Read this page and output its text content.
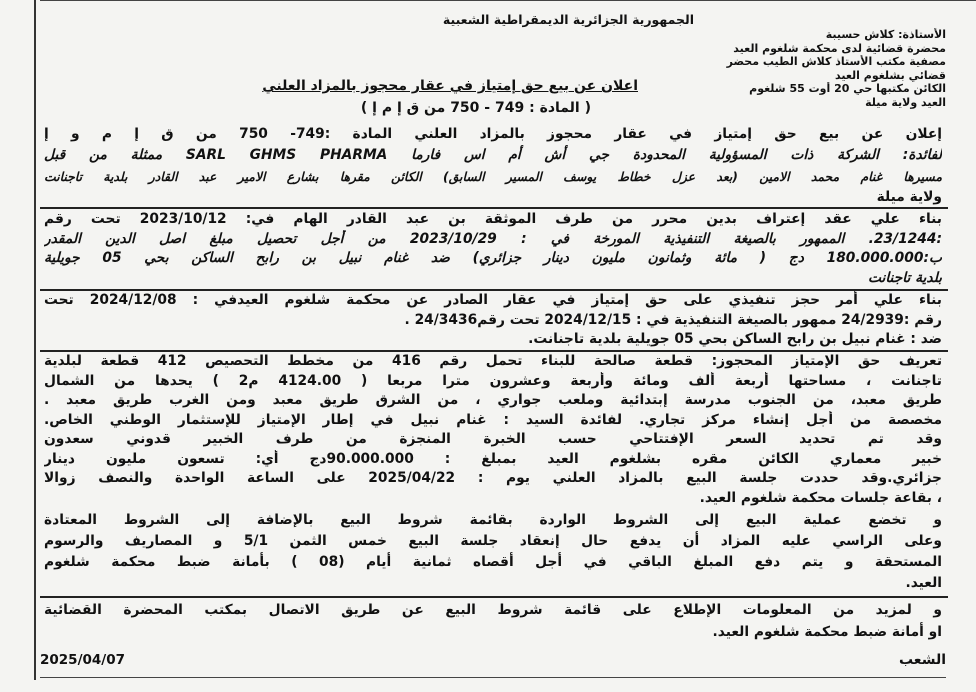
الجمهورية الجزائرية الديمقراطية الشعبية
الأستاذة: كلاش حسيبة
محضرة قضائية لدى محكمة شلغوم العيد
مصفية مكتب الأستاذ كلاش الطيب محضر
قضائي بشلغوم العيد
الكائن مكتبها حي 20 أوت 55 شلغوم
العيد ولاية ميلة
اعلان عن بيع حق إمتياز في عقار محجوز بالمزاد العلني
( المادة : 749 - 750 من ق إ م إ )

إعلان عن بيع حق إمتياز في عقار محجوز بالمزاد العلني المادة :749- 750 من ق إ م و إ

لفائدة: الشركة ذات المسؤولية المحدودة جي أش أم اس فارما SARL GHMS PHARMA ممثلة من قبل

مسيرها غنام محمد الامين (بعد عزل خطاط يوسف المسير السابق) الكائن مقرها بشارع الامير عبد القادر بلدية تاجنانت

ولاية ميلة

بناء علي عقد إعتراف بدين محرر من طرف الموثقة بن عبد القادر الهام في: 2023/10/12 تحت رقم

:23/1244. الممهور بالصيغة التنفيذية المورخة في : 2023/10/29 من أجل تحصيل مبلغ اصل الدين المقدر

ب:180.000.000 دج ( مائة وثمانون مليون دينار جزائري) ضد غنام نبيل بن رابح الساكن بحي 05 جويلية

بلدية تاجنانت

بناء علي أمر حجز تنفيذي على حق إمتياز في عقار الصادر عن محكمة شلغوم العيدفي : 2024/12/08 تحت

رقم :24/2939 ممهور بالصيغة التنفيذية في : 2024/12/15 تحت رقم24/3436 .

ضد : غنام نبيل بن رابح الساكن بحي 05 جويلية بلدية تاجنانت.

تعريف حق الإمتياز المحجوز: قطعة صالحة للبناء تحمل رقم 416 من مخطط التحصيص 412 قطعة لبلدية

تاجنانت ، مساحتها أربعة ألف ومائة وأربعة وعشرون مترا مربعا ( 4124.00 م2 ) يحدها من الشمال

طريق معبد، من الجنوب مدرسة إبتدائية وملعب جواري ، من الشرق طريق معبد ومن الغرب طريق معبد .

مخصصة من أجل إنشاء مركز تجاري. لفائدة السيد : غنام نبيل في إطار الإمتياز للإستثمار الوطني الخاص.

وقد تم تحديد السعر الإفتتاحي حسب الخبرة المنجزة من طرف الخبير قدوني سعدون

خبير معماري الكائن مقره بشلغوم العيد بمبلغ : 90.000.000دج أي: تسعون مليون دينار

جزائري.وقد حددت جلسة البيع بالمزاد العلني يوم : 2025/04/22 على الساعة الواحدة والنصف زوالا

، بقاعة جلسات محكمة شلغوم العيد.

و تخضع عملية البيع إلى الشروط الواردة بقائمة شروط البيع بالإضافة إلى الشروط المعتادة

وعلى الراسي عليه المزاد أن يدفع حال إنعقاد جلسة البيع خمس الثمن 5/1 و المصاريف والرسوم

المستحقة و يتم دفع المبلغ الباقي في أجل أقصاه ثمانية أيام (08 ) بأمانة ضبط محكمة شلغوم

العيد.

و لمزيد من المعلومات الإطلاع على قائمة شروط البيع عن طريق الاتصال بمكتب المحضرة القضائية

او أمانة ضبط محكمة شلغوم العيد.

الشعب
2025/04/07
